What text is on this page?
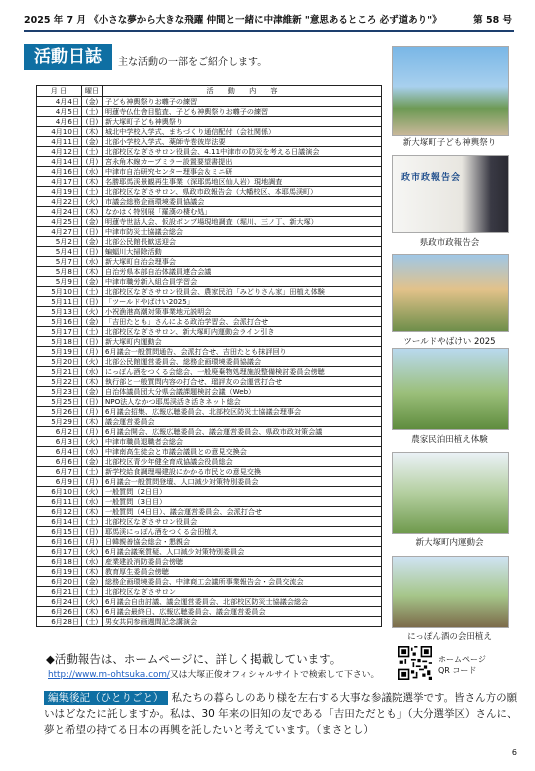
2025 年 7 月 《小さな夢から大きな飛躍 仲間と一緒に中津維新 "意思あるところ 必ず道あり"》	第 58 号
活動日誌	主な活動の一部をご紹介します。
月 日	曜日	活　　動　　内　　容
4月4日	(金)	子ども神輿祭りお囃子の練習
4月5日	(土)	明蓮寺仏仕舎目監査、子ども神輿祭りお囃子の練習
4月6日	(日)	新大塚町子ども神輿祭り
4月10日	(木)	城北中学校入学式、まちづくり通信配付（会社関係）
4月11日	(金)	北部小学校入学式、薬師寺巻彼岸法要
4月12日	(土)	北部校区なぎさサロン役員会、4.11中津市の防災を考える日議演会
4月14日	(月)	宮永角木線カーブミラー設置要望書提出
4月16日	(水)	中津市自治研究センター理事会＆ミニ研
4月17日	(木)	名勝耶馬渓景観再生事業（深耶馬地区仙人岩）現地調査
4月19日	(土)	北部校区なぎさサロン、県政市政報告会（大幡校区、本耶馬渓町）
4月22日	(火)	市議会総務企画環境委員協議会
4月24日	(木)	なかはく特別展「羅漢の棲む処」
4月25日	(金)	明蓮寺世話人会、仮設ポンプ場現地調査（堀川、三ノ丁、新大塚）
4月27日	(日)	中津市防災士協議会総会
5月2日	(金)	北部公民館長歓送迎会
5月4日	(日)	蝙蝠川大掃除活動
5月7日	(水)	新大塚町自治会理事会
5月8日	(木)	自治労県本部自治体議員連合会議
5月9日	(金)	中津市職労新入組合員学習会
5月10日	(土)	北部校区なぎさサロン役員会、農家民泊「みどりさん家」田植え体験
5月11日	(日)	「ツールドやばけい2025」
5月13日	(火)	小祝漁港高潮対策事業地元説明会
5月16日	(金)	「吉田たとも」さんによる政治学習会、会派打合せ
5月17日	(土)	北部校区なぎさサロン、新大塚町内運動会ライン引き
5月18日	(日)	新大塚町内運動会
5月19日	(月)	6月議会一般質問通告、会派打合せ、吉田たとも抹評回り
5月20日	(火)	北部公民館運営委員会、総務企画環境委員協議会
5月21日	(水)	にっぽん酒をつくる会総会、一般廃棄物処理施設整備検討委員会傍聴
5月22日	(木)	執行部と一般質問内容の打合せ、瑠評友の会運営打合せ
5月23日	(金)	自治体議員団大分県会議課題検討会議（Web）
5月25日	(日)	NPO法人なかつ耶馬渓活き活きネット総会
5月26日	(月)	6月議会招集、広報広聴委員会、北部校区防災士協議会理事会
5月29日	(木)	議会運営委員会
6月2日	(月)	6月議会開会、広報広聴委員会、議会運営委員会、県政市政対策会議
6月3日	(火)	中津市職員退職者会総会
6月4日	(水)	中津南高生徒会と市議会議員との意見交換会
6月6日	(金)	北部校区青少年健全育成協議会役員総会
6月7日	(土)	新学校給食調理場建設にかかる市民との意見交換
6月9日	(月)	6月議会一般質問登壇、人口減少対策特別委員会
6月10日	(火)	一般質問（2日目）
6月11日	(水)	一般質問（3日目）
6月12日	(木)	一般質問（4日目）、議会運営委員会、会派打合せ
6月14日	(土)	北部校区なぎさサロン役員会
6月15日	(日)	耶馬渓にっぽん酒をつくる会田植え
6月16日	(月)	日韓親善協会総会・懇親会
6月17日	(火)	6月議会議案質疑、人口減少対策特別委員会
6月18日	(水)	産業建設消防委員会傍聴
6月19日	(木)	教育厚生委員会傍聴
6月20日	(金)	総務企画環境委員会、中津商工会議所事業報告会・会員交流会
6月21日	(土)	北部校区なぎさサロン
6月24日	(火)	6月議会自由討議、議会運営委員会、北部校区防災士協議会総会
6月26日	(木)	6月議会最終日、広報広聴委員会、議会運営委員会
6月28日	(土)	男女共同参画週間記念講演会
新大塚町子ども神輿祭り
政市政報告会
県政市政報告会
ツールドやばけい 2025
農家民泊田植え体験
新大塚町内運動会
にっぽん酒の会田植え
◆活動報告は、ホームページに、詳しく掲載しています。
http://www.m-ohtsuka.com/又は大塚正俊オフィシャルサイトで検索して下さい。
ホームページ
QR コード
編集後記（ひとりごと） 私たちの暮らしのあり様を左右する大事な参議院選挙です。皆さん方の願いはどなたに託しますか。私は、30 年来の旧知の友である「吉田ただとも」（大分選挙区）さんに、夢と希望の持てる日本の再興を託したいと考えています。（まさとし）
6
